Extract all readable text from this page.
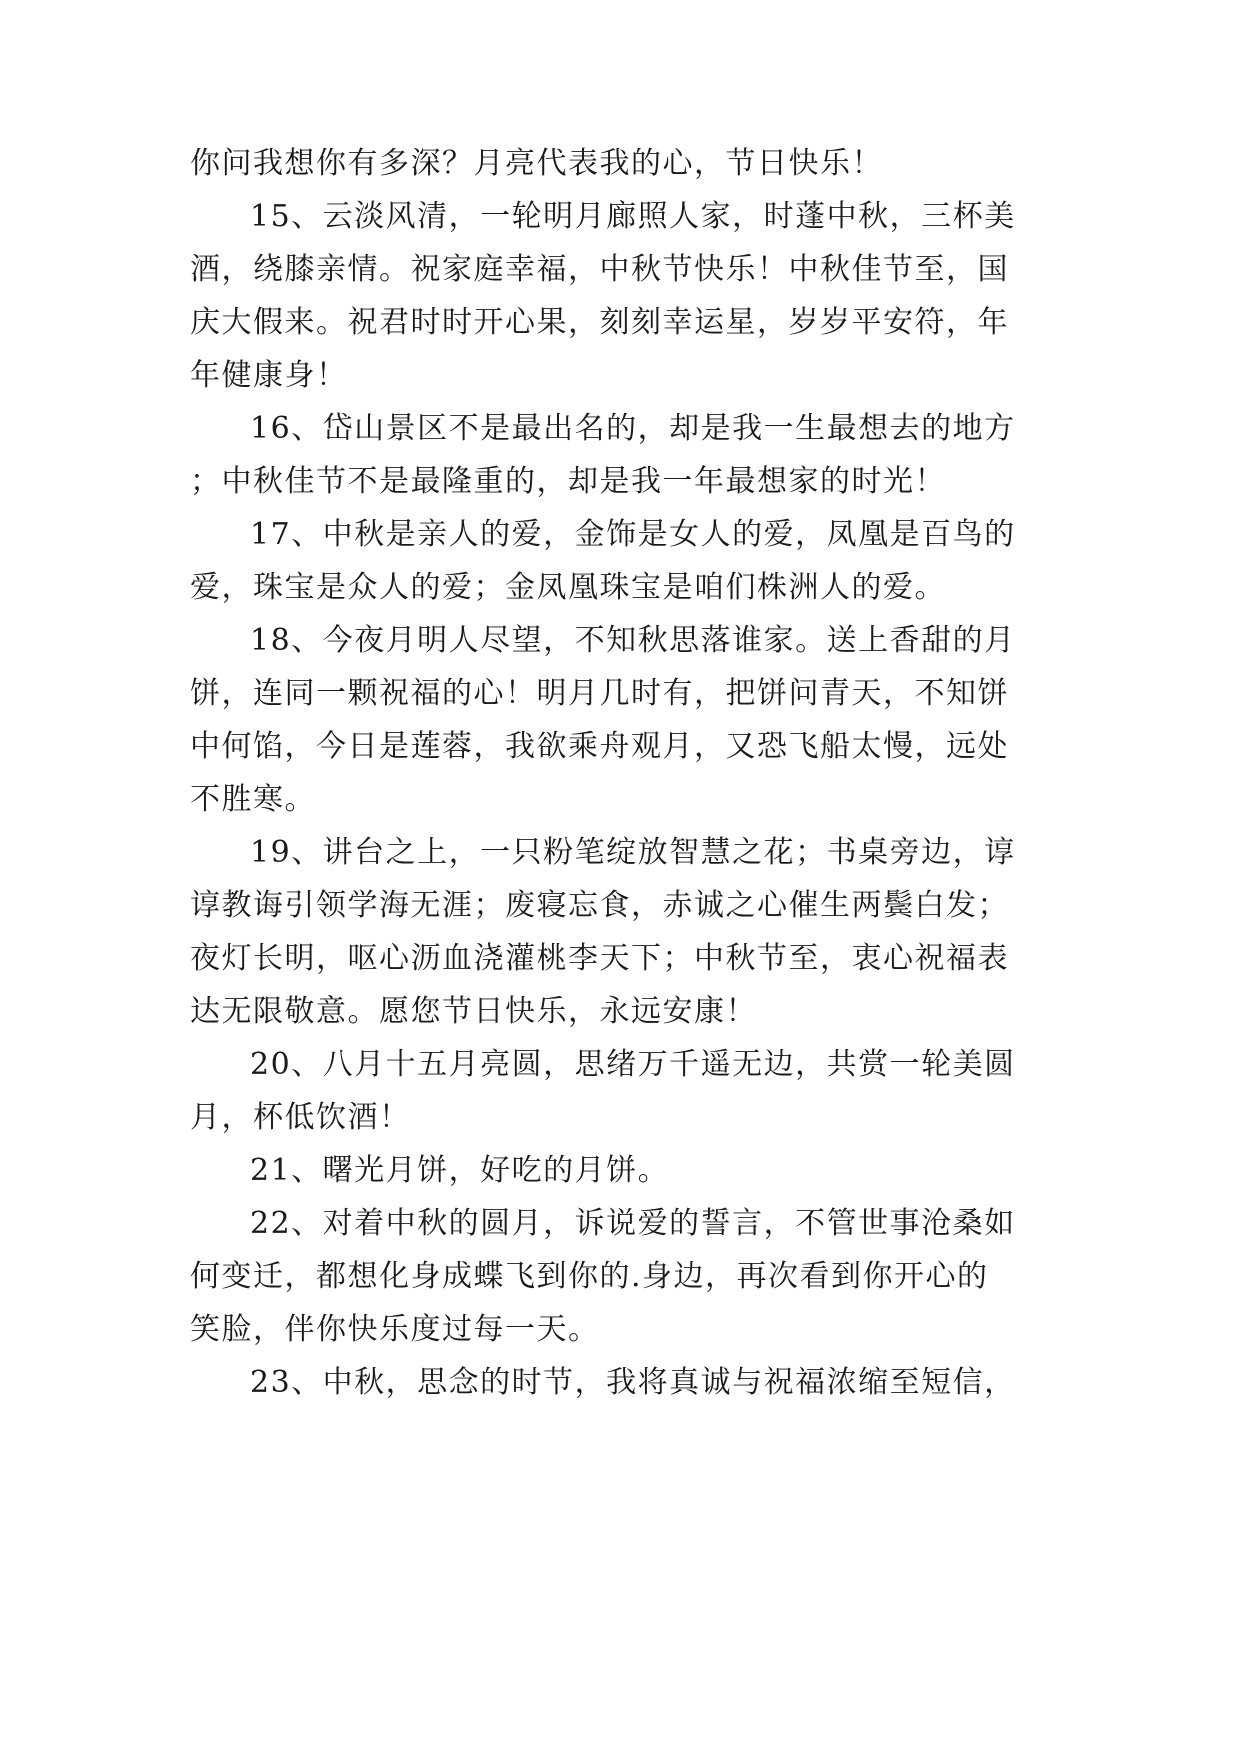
你问我想你有多深？月亮代表我的心，节日快乐！
15、云淡风清，一轮明月廊照人家，时蓬中秋，三杯美
酒，绕膝亲情。祝家庭幸福，中秋节快乐！中秋佳节至，国
庆大假来。祝君时时开心果，刻刻幸运星，岁岁平安符，年
年健康身！
16、岱山景区不是最出名的，却是我一生最想去的地方
；中秋佳节不是最隆重的，却是我一年最想家的时光！
17、中秋是亲人的爱，金饰是女人的爱，凤凰是百鸟的
爱，珠宝是众人的爱；金凤凰珠宝是咱们株洲人的爱。
18、今夜月明人尽望，不知秋思落谁家。送上香甜的月
饼，连同一颗祝福的心！明月几时有，把饼问青天，不知饼
中何馅，今日是莲蓉，我欲乘舟观月，又恐飞船太慢，远处
不胜寒。
19、讲台之上，一只粉笔绽放智慧之花；书桌旁边，谆
谆教诲引领学海无涯；废寝忘食，赤诚之心催生两鬓白发；
夜灯长明，呕心沥血浇灌桃李天下；中秋节至，衷心祝福表
达无限敬意。愿您节日快乐，永远安康！
20、八月十五月亮圆，思绪万千遥无边，共赏一轮美圆
月，杯低饮酒！
21、曙光月饼，好吃的月饼。
22、对着中秋的圆月，诉说爱的誓言，不管世事沧桑如
何变迁，都想化身成蝶飞到你的.身边，再次看到你开心的
笑脸，伴你快乐度过每一天。
23、中秋，思念的时节，我将真诚与祝福浓缩至短信，
